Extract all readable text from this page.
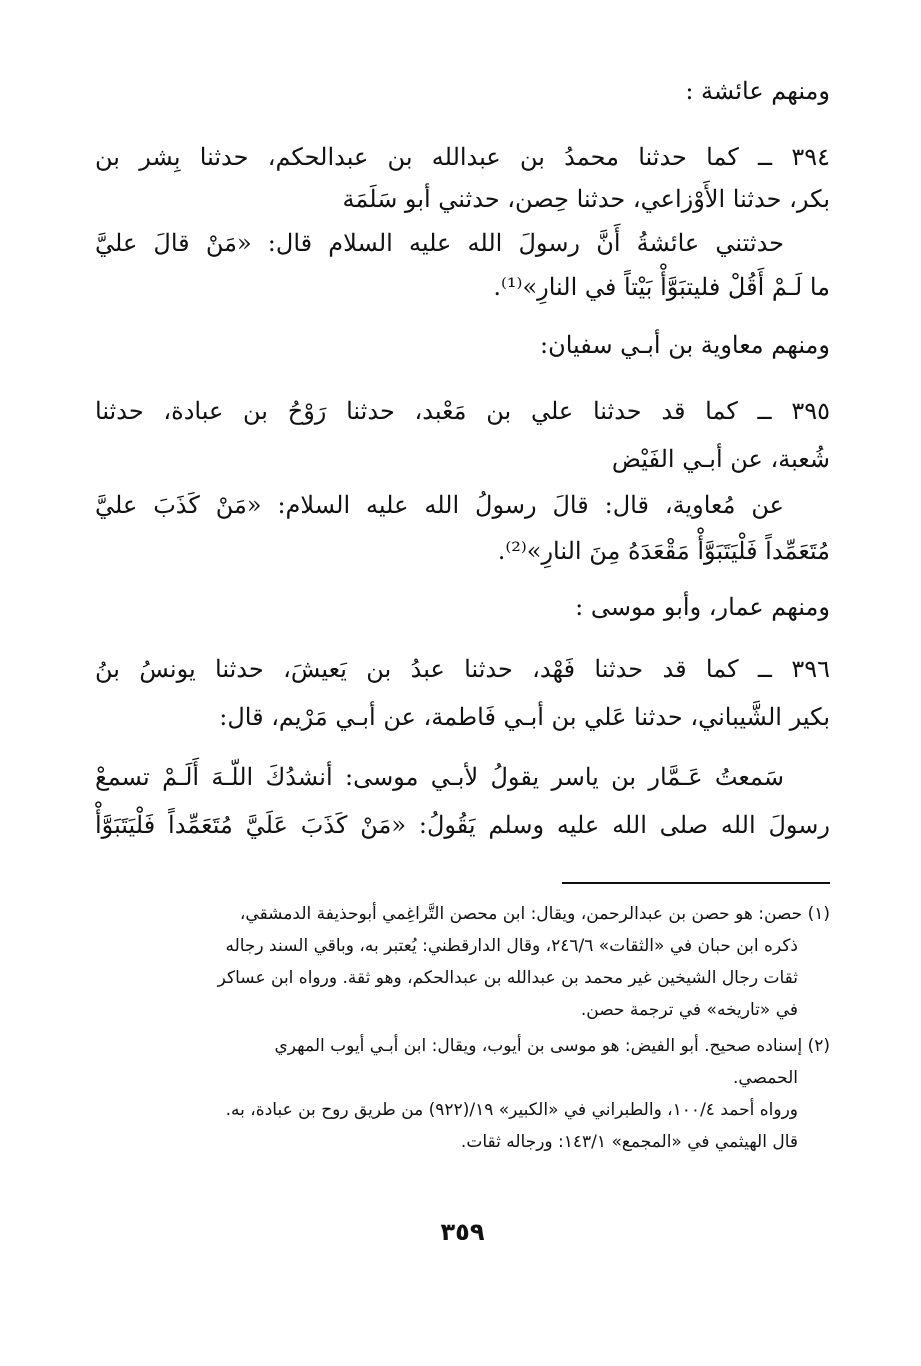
ومنهم عائشة :
٣٩٤ ــ كما حدثنا محمدُ بن عبدالله بن عبدالحكم، حدثنا بِشر بن
بكر، حدثنا الأَوْزاعي، حدثنا حِصن، حدثني أبو سَلَمَة
حدثتني عائشةُ أَنَّ رسولَ الله عليه السلام قال: «مَنْ قالَ عليَّ
ما لَـمْ أَقُلْ فليتبَوَّأْ بَيْتاً في النارِ»⁽¹⁾.
ومنهم معاوية بن أبـي سفيان:
٣٩٥ ــ كما قد حدثنا علي بن مَعْبد، حدثنا رَوْحُ بن عبادة، حدثنا
شُعبة، عن أبـي الفَيْض
عن مُعاوية، قال: قالَ رسولُ الله عليه السلام: «مَنْ كَذَبَ عليَّ
مُتَعَمِّداً فَلْيَتَبَوَّأْ مَقْعَدَهُ مِنَ النارِ»⁽²⁾.
ومنهم عمار، وأبو موسى :
٣٩٦ ــ كما قد حدثنا فَهْد، حدثنا عبدُ بن يَعيشَ، حدثنا يونسُ بنُ
بكير الشَّيباني، حدثنا عَلي بن أبـي فَاطمة، عن أبـي مَرْيم، قال:
سَمعتُ عَـمَّار بن ياسر يقولُ لأبـي موسى: أنشدُكَ اللّـهَ أَلَـمْ تسمعْ
رسولَ الله صلى الله عليه وسلم يَقُولُ: «مَنْ كَذَبَ عَلَيَّ مُتَعَمِّداً فَلْيَتَبَوَّأْ
(١) حصن: هو حصن بن عبدالرحمن، ويقال: ابن محصن التَّراغِمي أبوحذيفة الدمشقي،
ذكره ابن حبان في «الثقات» ٢٤٦/٦، وقال الدارقطني: يُعتبر به، وباقي السند رجاله
ثقات رجال الشيخين غير محمد بن عبدالله بن عبدالحكم، وهو ثقة. ورواه ابن عساكر
في «تاريخه» في ترجمة حصن.
(٢) إسناده صحيح. أبو الفيض: هو موسى بن أيوب، ويقال: ابن أبـي أيوب المهري
الحمصي.
ورواه أحمد ١٠٠/٤، والطبراني في «الكبير» ١٩/(٩٢٢) من طريق روح بن عبادة، به.
قال الهيثمي في «المجمع» ١٤٣/١: ورجاله ثقات.
٣٥٩
